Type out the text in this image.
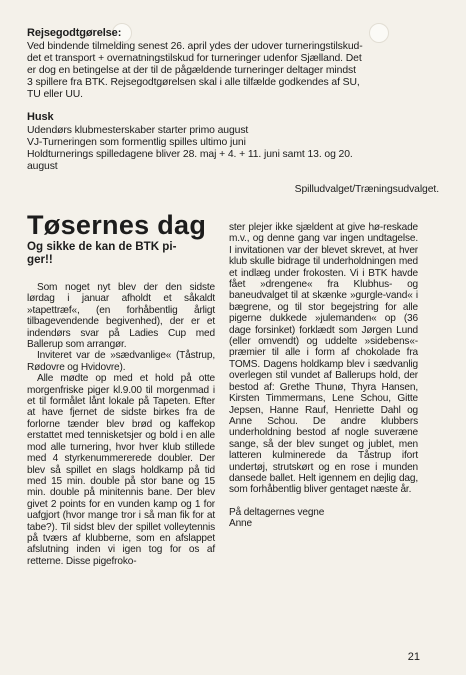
Rejsegodtgørelse:
Ved bindende tilmelding senest 26. april ydes der udover turneringstilskud-
det et transport + overnatningstilskud for turneringer udenfor Sjælland. Det
er dog en betingelse at der til de pågældende turneringer deltager mindst
3 spillere fra BTK. Rejsegodtgørelsen skal i alle tilfælde godkendes af SU,
TU eller UU.
Husk
Udendørs klubmesterskaber starter primo august
VJ-Turneringen som formentlig spilles ultimo juni
Holdturnerings spilledagene bliver 28. maj + 4. + 11. juni samt 13. og 20.
august
Spilludvalget/Træningsudvalget.
Tøsernes dag
Og sikke de kan de BTK pi-
ger!!

Som noget nyt blev der den sidste lørdag i januar afholdt et såkaldt »tapettræf«, (en forhåbentlig årligt tilbagevendende begivenhed), der er et indendørs svar på Ladies Cup med Ballerup som arrangør.

Inviteret var de »sædvanlige« (Tåstrup, Rødovre og Hvidovre).

Alle mødte op med et hold på otte morgenfriske piger kl.9.00 til morgenmad i et til formålet lånt lokale på Tapeten. Efter at have fjernet de sidste birkes fra de forlorne tænder blev brød og kaffekop erstattet med tennisketsjer og bold i en alle mod alle turnering, hvor hver klub stillede med 4 styrkenummererede doubler. Der blev så spillet en slags holdkamp på tid med 15 min. double på stor bane og 15 min. double på minitennis bane. Der blev givet 2 points for en vunden kamp og 1 for uafgjort (hvor mange tror i så man fik for at tabe?). Til sidst blev der spillet volleytennis på tværs af klubberne, som en afslappet afslutning inden vi igen tog for os af retterne. Disse pigefroko-

ster plejer ikke sjældent at give hø-reskade m.v., og denne gang var ingen undtagelse. I invitationen var der blevet skrevet, at hver klub skulle bidrage til underholdningen med et indlæg under frokosten. Vi i BTK havde fået »drengene« fra Klubhus- og baneudvalget til at skænke »gurgle-vand« i bægrene, og til stor begejstring for alle pigerne dukkede »julemanden« op (36 dage forsinket) forklædt som Jørgen Lund (eller omvendt) og uddelte »sidebens«-præmier til alle i form af chokolade fra TOMS. Dagens holdkamp blev i sædvanlig overlegen stil vundet af Ballerups hold, der bestod af: Grethe Thunø, Thyra Hansen, Kirsten Timmermans, Lene Schou, Gitte Jepsen, Hanne Rauf, Henriette Dahl og Anne Schou. De andre klubbers underholdning bestod af nogle suveræne sange, så der blev sunget og jublet, men latteren kulminerede da Tåstrup ifort undertøj, strutskørt og en rose i munden dansede ballet. Helt igennem en dejlig dag, som forhåbentlig bliver gentaget næste år.

På deltagernes vegne

Anne

21
